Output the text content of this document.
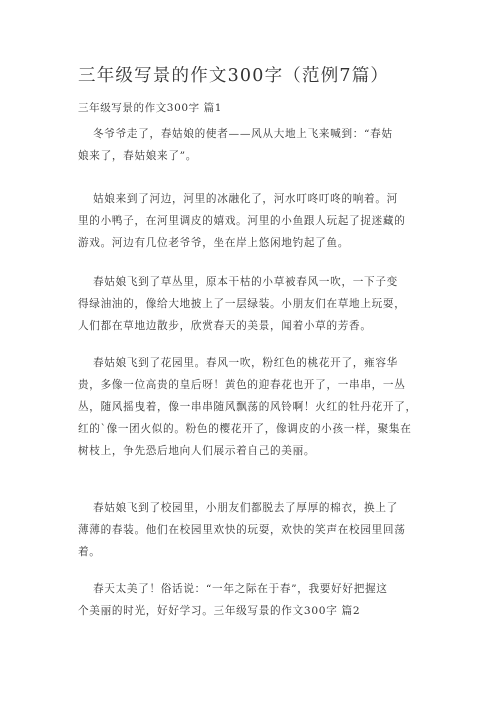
三年级写景的作文300字（范例7篇）
三年级写景的作文300字 篇1
冬爷爷走了，春姑娘的使者——风从大地上飞来喊到：“春姑
娘来了，春姑娘来了”。
姑娘来到了河边，河里的冰融化了，河水叮咚叮咚的响着。河
里的小鸭子，在河里调皮的嬉戏。河里的小鱼跟人玩起了捉迷藏的
游戏。河边有几位老爷爷，坐在岸上悠闲地钓起了鱼。
春姑娘飞到了草丛里，原本干枯的小草被春风一吹，一下子变
得绿油油的，像给大地披上了一层绿装。小朋友们在草地上玩耍，
人们都在草地边散步，欣赏春天的美景，闻着小草的芳香。
春姑娘飞到了花园里。春风一吹，粉红色的桃花开了，雍容华
贵，多像一位高贵的皇后呀！黄色的迎春花也开了，一串串，一丛
丛，随风摇曳着，像一串串随风飘荡的风铃啊！火红的牡丹花开了，
红的`像一团火似的。粉色的樱花开了，像调皮的小孩一样，聚集在
树枝上，争先恐后地向人们展示着自己的美丽。
春姑娘飞到了校园里，小朋友们都脱去了厚厚的棉衣，换上了
薄薄的春装。他们在校园里欢快的玩耍，欢快的笑声在校园里回荡
着。
春天太美了！俗话说：“一年之际在于春”，我要好好把握这
个美丽的时光，好好学习。三年级写景的作文300字 篇2
